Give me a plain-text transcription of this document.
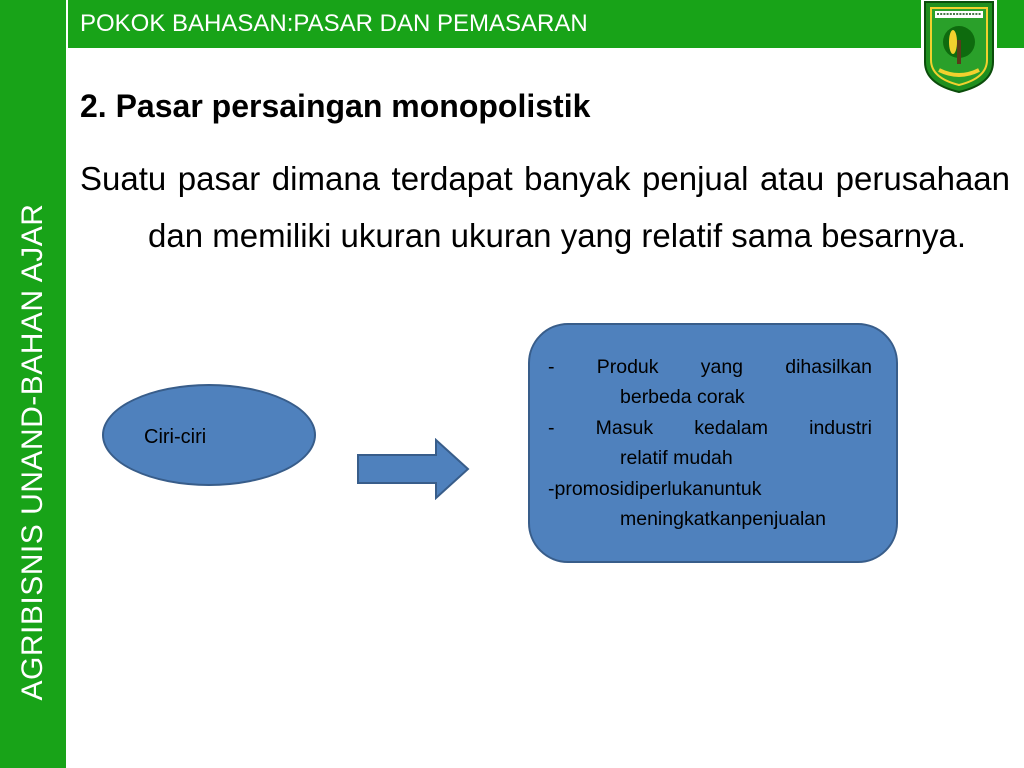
AGRIBISNIS UNAND-BAHAN AJAR
POKOK BAHASAN:PASAR DAN PEMASARAN
2. Pasar persaingan monopolistik
Suatu pasar dimana terdapat banyak penjual atau perusahaan dan memiliki ukuran ukuran yang relatif sama besarnya.
Ciri-ciri
- Produk yang dihasilkan
berbeda corak
- Masuk kedalam industri
relatif mudah
-promosidiperlukanuntuk
meningkatkanpenjualan
